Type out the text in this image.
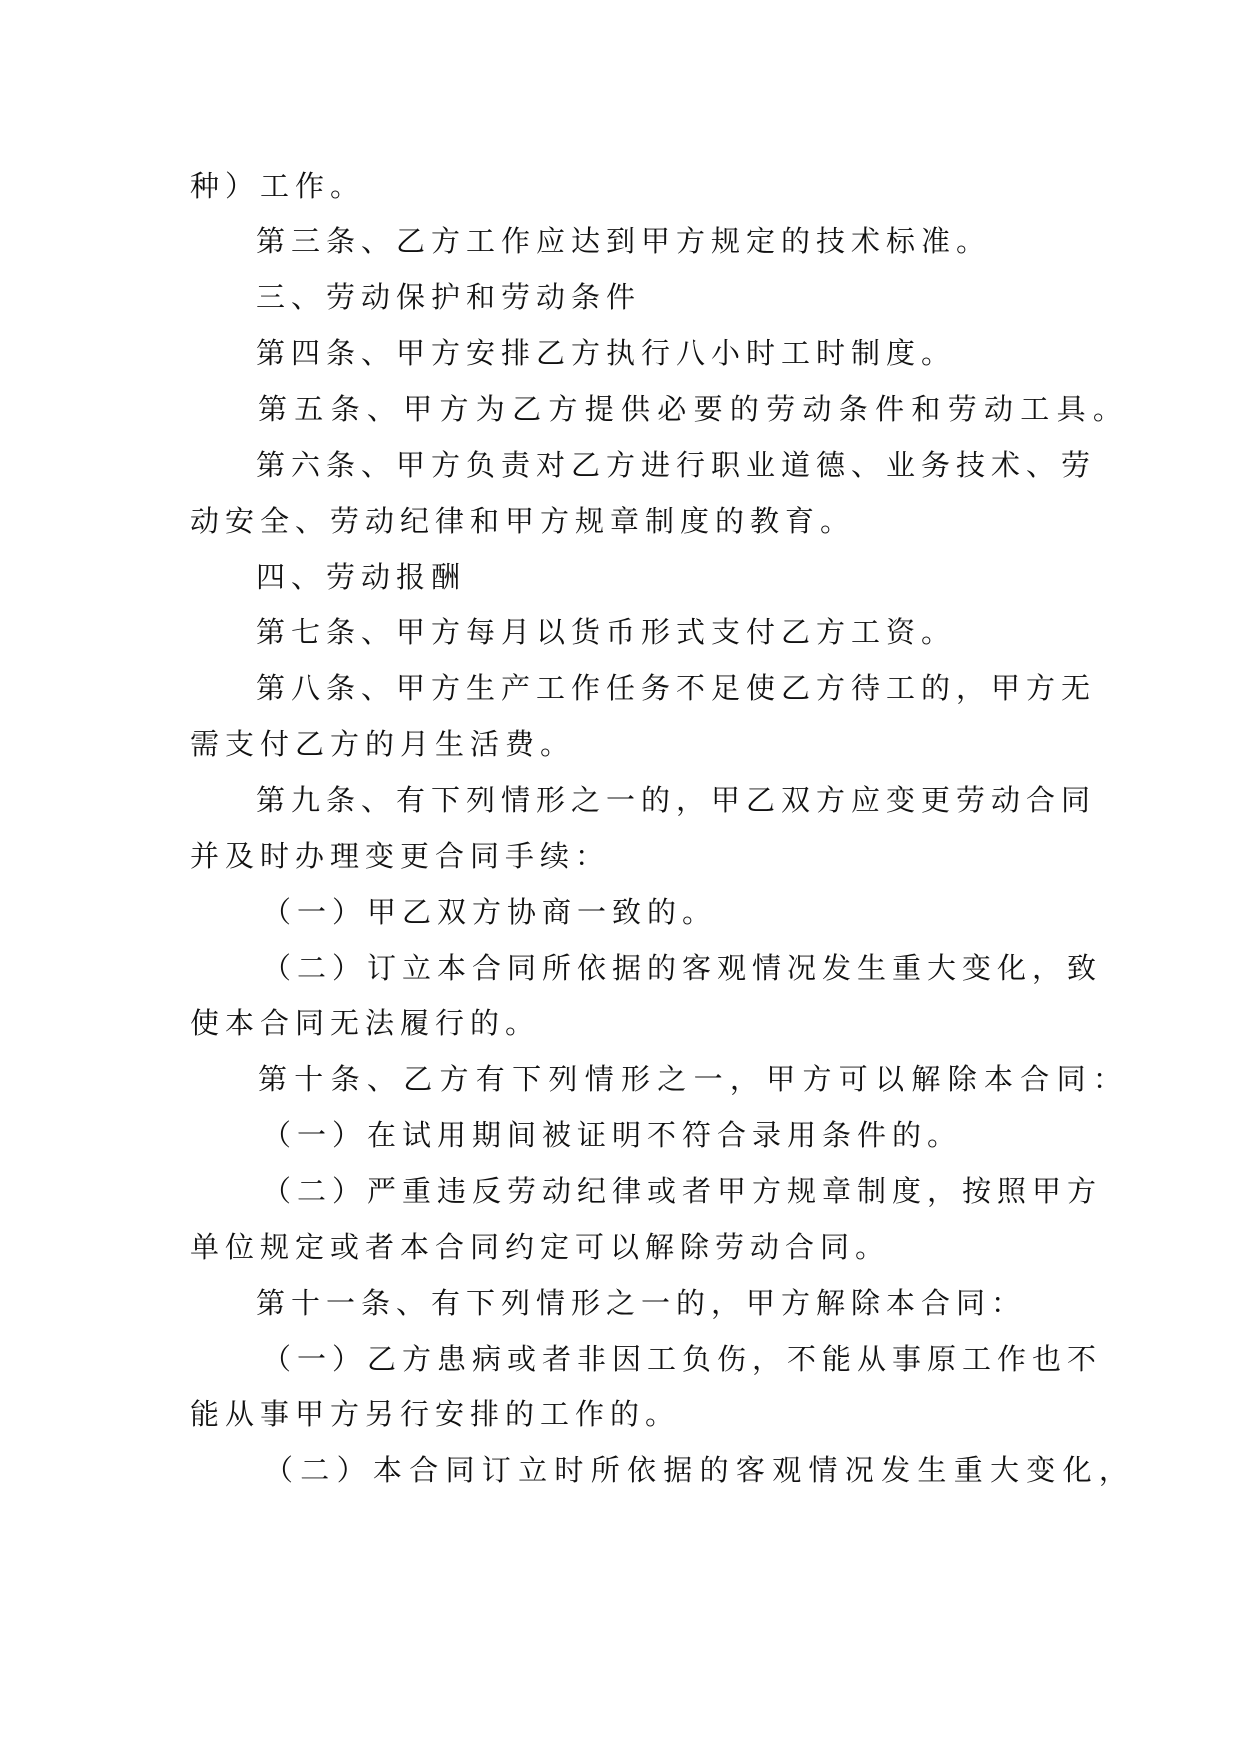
种）工作。
第三条、乙方工作应达到甲方规定的技术标准。
三、劳动保护和劳动条件
第四条、甲方安排乙方执行八小时工时制度。
第五条、甲方为乙方提供必要的劳动条件和劳动工具。
第六条、甲方负责对乙方进行职业道德、业务技术、劳
动安全、劳动纪律和甲方规章制度的教育。
四、劳动报酬
第七条、甲方每月以货币形式支付乙方工资。
第八条、甲方生产工作任务不足使乙方待工的，甲方无
需支付乙方的月生活费。
第九条、有下列情形之一的，甲乙双方应变更劳动合同
并及时办理变更合同手续：
（一）甲乙双方协商一致的。
（二）订立本合同所依据的客观情况发生重大变化，致
使本合同无法履行的。
第十条、乙方有下列情形之一，甲方可以解除本合同：
（一）在试用期间被证明不符合录用条件的。
（二）严重违反劳动纪律或者甲方规章制度，按照甲方
单位规定或者本合同约定可以解除劳动合同。
第十一条、有下列情形之一的，甲方解除本合同：
（一）乙方患病或者非因工负伤，不能从事原工作也不
能从事甲方另行安排的工作的。
（二）本合同订立时所依据的客观情况发生重大变化，
